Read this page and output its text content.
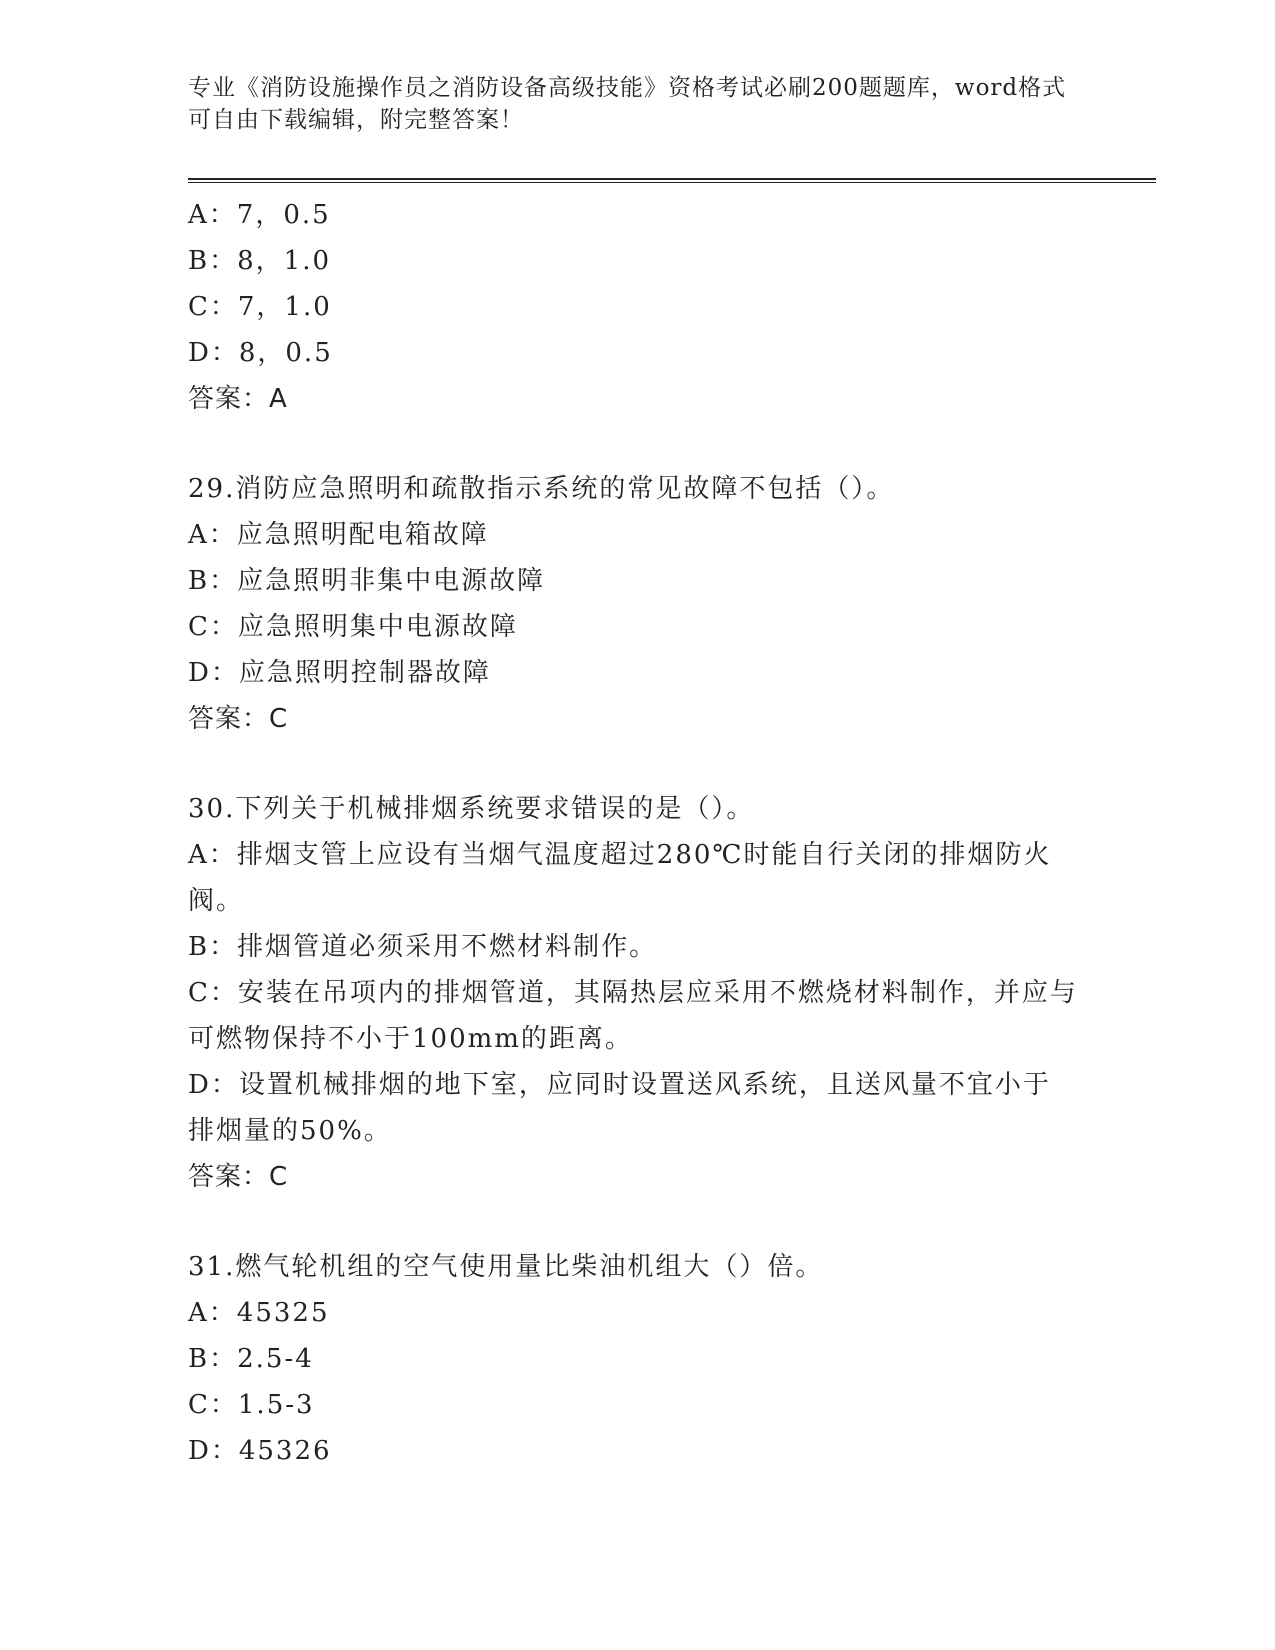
专业《消防设施操作员之消防设备高级技能》资格考试必刷200题题库，word格式可自由下载编辑，附完整答案！
A：7，0.5
B：8，1.0
C：7，1.0
D：8，0.5
答案：A
29.消防应急照明和疏散指示系统的常见故障不包括（）。
A：应急照明配电箱故障
B：应急照明非集中电源故障
C：应急照明集中电源故障
D：应急照明控制器故障
答案：C
30.下列关于机械排烟系统要求错误的是（）。
A：排烟支管上应设有当烟气温度超过280℃时能自行关闭的排烟防火阀。
B：排烟管道必须采用不燃材料制作。
C：安装在吊项内的排烟管道，其隔热层应采用不燃烧材料制作，并应与可燃物保持不小于100mm的距离。
D：设置机械排烟的地下室，应同时设置送风系统，且送风量不宜小于排烟量的50%。
答案：C
31.燃气轮机组的空气使用量比柴油机组大（）倍。
A：45325
B：2.5-4
C：1.5-3
D：45326
